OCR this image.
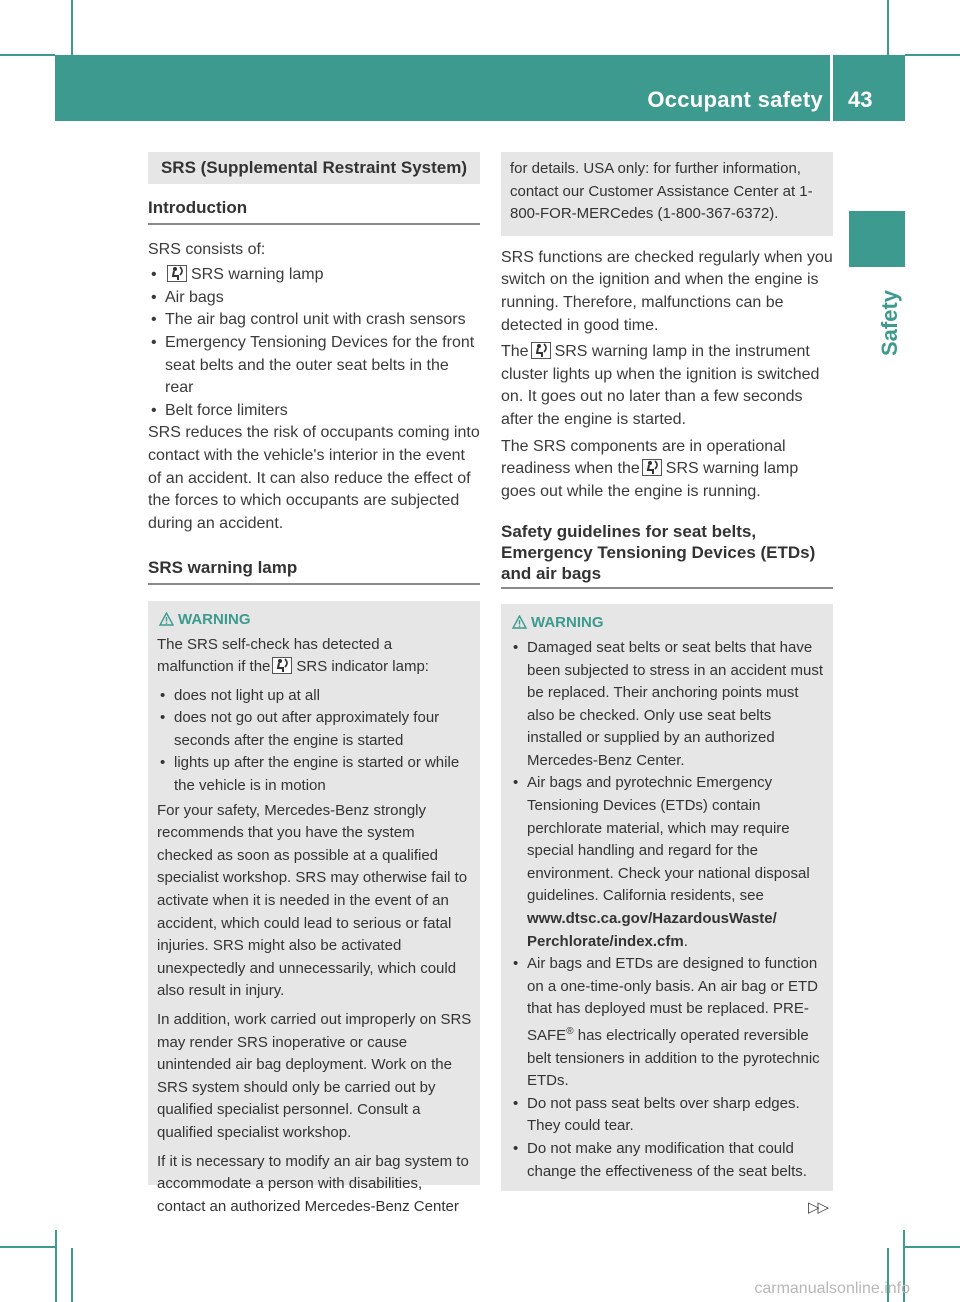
Occupant safety 43
Safety
SRS (Supplemental Restraint System)
Introduction

SRS consists of:

• SRS warning lamp

• Air bags

• The air bag control unit with crash sensors

• Emergency Tensioning Devices for the front seat belts and the outer seat belts in the rear

• Belt force limiters

SRS reduces the risk of occupants coming into contact with the vehicle's interior in the event of an accident. It can also reduce the effect of the forces to which occupants are subjected during an accident.

SRS warning lamp
WARNING

The SRS self-check has detected a malfunction if the SRS indicator lamp:

• does not light up at all

• does not go out after approximately four seconds after the engine is started

• lights up after the engine is started or while the vehicle is in motion

For your safety, Mercedes-Benz strongly recommends that you have the system checked as soon as possible at a qualified specialist workshop. SRS may otherwise fail to activate when it is needed in the event of an accident, which could lead to serious or fatal injuries. SRS might also be activated unexpectedly and unnecessarily, which could also result in injury.

In addition, work carried out improperly on SRS may render SRS inoperative or cause unintended air bag deployment. Work on the SRS system should only be carried out by qualified specialist personnel. Consult a qualified specialist workshop.

If it is necessary to modify an air bag system to accommodate a person with disabilities, contact an authorized Mercedes-Benz Center

for details. USA only: for further information, contact our Customer Assistance Center at 1-800-FOR-MERCedes (1-800-367-6372).

SRS functions are checked regularly when you switch on the ignition and when the engine is running. Therefore, malfunctions can be detected in good time.

The SRS warning lamp in the instrument cluster lights up when the ignition is switched on. It goes out no later than a few seconds after the engine is started.

The SRS components are in operational readiness when the SRS warning lamp goes out while the engine is running.

Safety guidelines for seat belts, Emergency Tensioning Devices (ETDs) and air bags
WARNING

• Damaged seat belts or seat belts that have been subjected to stress in an accident must be replaced. Their anchoring points must also be checked. Only use seat belts installed or supplied by an authorized Mercedes-Benz Center.

• Air bags and pyrotechnic Emergency Tensioning Devices (ETDs) contain perchlorate material, which may require special handling and regard for the environment. Check your national disposal guidelines. California residents, see www.dtsc.ca.gov/HazardousWaste/ Perchlorate/index.cfm.

• Air bags and ETDs are designed to function on a one-time-only basis. An air bag or ETD that has deployed must be replaced. PRE-SAFE® has electrically operated reversible belt tensioners in addition to the pyrotechnic ETDs.

• Do not pass seat belts over sharp edges. They could tear.

• Do not make any modification that could change the effectiveness of the seat belts.

▷▷
carmanualsonline.info
